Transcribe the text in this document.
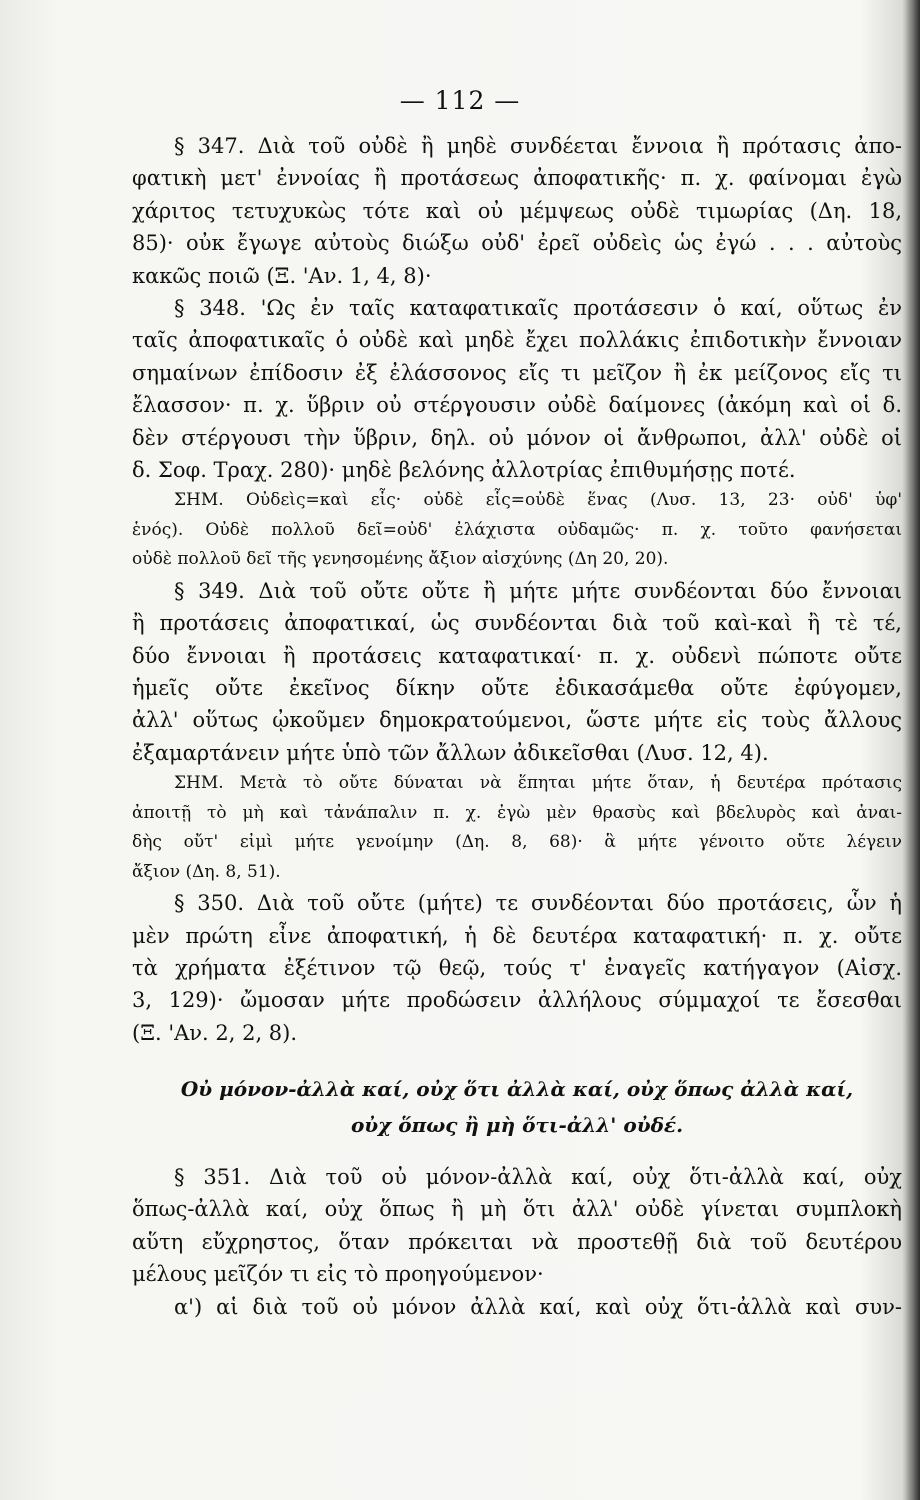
— 112 —
§ 347. Διὰ τοῦ οὐδὲ ἢ μηδὲ συνδέεται ἔννοια ἢ πρότασις ἀπο-
φατικὴ μετ' ἐννοίας ἢ προτάσεως ἀποφατικῆς· π. χ. φαίνομαι ἐγὼ
χάριτος τετυχυκὼς τότε καὶ οὐ μέμψεως οὐδὲ τιμωρίας (Δη. 18,
85)· οὐκ ἔγωγε αὐτοὺς διώξω οὐδ' ἐρεῖ οὐδεὶς ὡς ἐγώ . . . αὐτοὺς
κακῶς ποιῶ (Ξ. 'Αν. 1, 4, 8)·
§ 348. 'Ως ἐν ταῖς καταφατικαῖς προτάσεσιν ὁ καί, οὕτως ἐν
ταῖς ἀποφατικαῖς ὁ οὐδὲ καὶ μηδὲ ἔχει πολλάκις ἐπιδοτικὴν ἔννοιαν
σημαίνων ἐπίδοσιν ἐξ ἐλάσσονος εἴς τι μεῖζον ἢ ἐκ μείζονος εἴς τι
ἔλασσον· π. χ. ὕβριν οὐ στέργουσιν οὐδὲ δαίμονες (ἀκόμη καὶ οἱ δ.
δὲν στέργουσι τὴν ὕβριν, δηλ. οὐ μόνον οἱ ἄνθρωποι, ἀλλ' οὐδὲ οἱ
δ. Σοφ. Τραχ. 280)· μηδὲ βελόνης ἀλλοτρίας ἐπιθυμήσῃς ποτέ.
ΣΗΜ. Οὐδεὶς=καὶ εἷς· οὐδὲ εἷς=οὐδὲ ἕνας (Λυσ. 13, 23· οὐδ' ὑφ'
ἑνός). Οὐδὲ πολλοῦ δεῖ=οὐδ' ἐλάχιστα οὐδαμῶς· π. χ. τοῦτο φανήσεται
οὐδὲ πολλοῦ δεῖ τῆς γενησομένης ἄξιον αἰσχύνης (Δη 20, 20).
§ 349. Διὰ τοῦ οὔτε οὔτε ἢ μήτε μήτε συνδέονται δύο ἔννοιαι
ἢ προτάσεις ἀποφατικαί, ὡς συνδέονται διὰ τοῦ καὶ-καὶ ἢ τὲ τέ,
δύο ἔννοιαι ἢ προτάσεις καταφατικαί· π. χ. οὐδενὶ πώποτε οὔτε
ἡμεῖς οὔτε ἐκεῖνος δίκην οὔτε ἐδικασάμεθα οὔτε ἐφύγομεν,
ἀλλ' οὕτως ᾠκοῦμεν δημοκρατούμενοι, ὥστε μήτε εἰς τοὺς ἄλλους
ἐξαμαρτάνειν μήτε ὑπὸ τῶν ἄλλων ἀδικεῖσθαι (Λυσ. 12, 4).
ΣΗΜ. Μετὰ τὸ οὔτε δύναται νὰ ἕπηται μήτε ὅταν, ἡ δευτέρα πρότασις
ἀποιτῇ τὸ μὴ καὶ τἀνάπαλιν π. χ. ἐγὼ μὲν θρασὺς καὶ βδελυρὸς καὶ ἀναι-
δὴς οὔτ' εἰμὶ μήτε γενοίμην (Δη. 8, 68)· ἃ μήτε γένοιτο οὔτε λέγειν
ἄξιον (Δη. 8, 51).
§ 350. Διὰ τοῦ οὔτε (μήτε) τε συνδέονται δύο προτάσεις, ὧν ἡ
μὲν πρώτη εἶνε ἀποφατική, ἡ δὲ δευτέρα καταφατική· π. χ. οὔτε
τὰ χρήματα ἐξέτινον τῷ θεῷ, τούς τ' ἐναγεῖς κατήγαγον (Αἰσχ.
3, 129)· ὤμοσαν μήτε προδώσειν ἀλλήλους σύμμαχοί τε ἔσεσθαι
(Ξ. 'Αν. 2, 2, 8).
Οὐ μόνον-ἀλλὰ καί, οὐχ ὅτι ἀλλὰ καί, οὐχ ὅπως ἀλλὰ καί,
οὐχ ὅπως ἢ μὴ ὅτι-ἀλλ' οὐδέ.
§ 351. Διὰ τοῦ οὐ μόνον-ἀλλὰ καί, οὐχ ὅτι-ἀλλὰ καί, οὐχ
ὅπως-ἀλλὰ καί, οὐχ ὅπως ἢ μὴ ὅτι ἀλλ' οὐδὲ γίνεται συμπλοκὴ
αὕτη εὔχρηστος, ὅταν πρόκειται νὰ προστεθῇ διὰ τοῦ δευτέρου
μέλους μεῖζόν τι εἰς τὸ προηγούμενον·
α') αἱ διὰ τοῦ οὐ μόνον ἀλλὰ καί, καὶ οὐχ ὅτι-ἀλλὰ καὶ συν-
